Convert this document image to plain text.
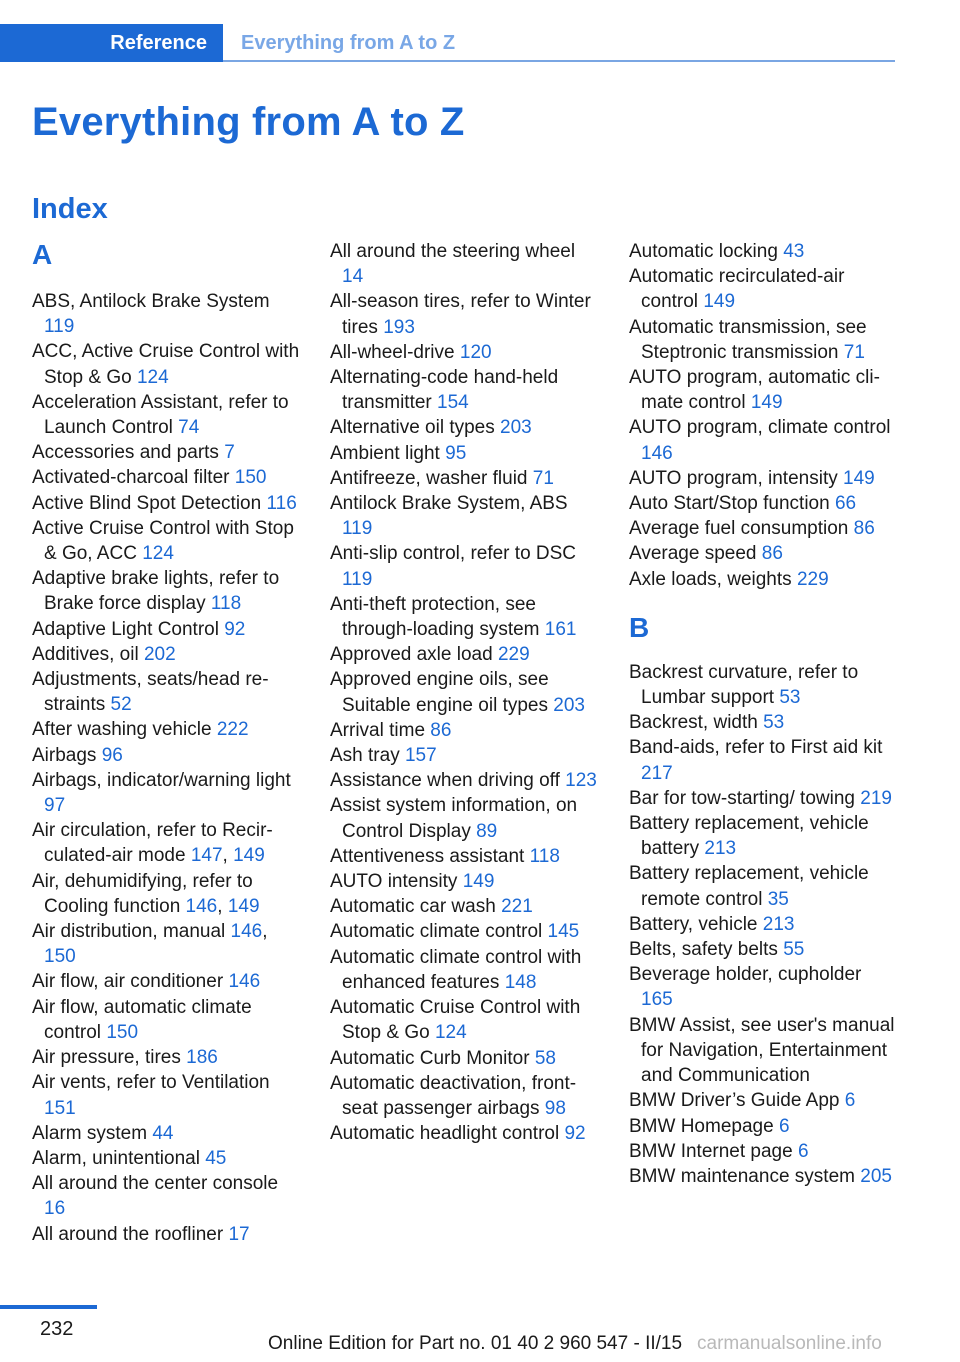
Reference Everything from A to Z
Everything from A to Z
Index
A
ABS, Antilock Brake System 119
ACC, Active Cruise Control with Stop & Go 124
Acceleration Assistant, refer to Launch Control 74
Accessories and parts 7
Activated-charcoal filter 150
Active Blind Spot Detection 116
Active Cruise Control with Stop & Go, ACC 124
Adaptive brake lights, refer to Brake force display 118
Adaptive Light Control 92
Additives, oil 202
Adjustments, seats/head restraints 52
After washing vehicle 222
Airbags 96
Airbags, indicator/warning light 97
Air circulation, refer to Recirculated-air mode 147, 149
Air, dehumidifying, refer to Cooling function 146, 149
Air distribution, manual 146, 150
Air flow, air conditioner 146
Air flow, automatic climate control 150
Air pressure, tires 186
Air vents, refer to Ventilation 151
Alarm system 44
Alarm, unintentional 45
All around the center console 16
All around the roofliner 17
All around the steering wheel 14
All-season tires, refer to Winter tires 193
All-wheel-drive 120
Alternating-code hand-held transmitter 154
Alternative oil types 203
Ambient light 95
Antifreeze, washer fluid 71
Antilock Brake System, ABS 119
Anti-slip control, refer to DSC 119
Anti-theft protection, see through-loading system 161
Approved axle load 229
Approved engine oils, see Suitable engine oil types 203
Arrival time 86
Ash tray 157
Assistance when driving off 123
Assist system information, on Control Display 89
Attentiveness assistant 118
AUTO intensity 149
Automatic car wash 221
Automatic climate control 145
Automatic climate control with enhanced features 148
Automatic Cruise Control with Stop & Go 124
Automatic Curb Monitor 58
Automatic deactivation, front-seat passenger airbags 98
Automatic headlight control 92
Automatic locking 43
Automatic recirculated-air control 149
Automatic transmission, see Steptronic transmission 71
AUTO program, automatic climate control 149
AUTO program, climate control 146
AUTO program, intensity 149
Auto Start/Stop function 66
Average fuel consumption 86
Average speed 86
Axle loads, weights 229
B
Backrest curvature, refer to Lumbar support 53
Backrest, width 53
Band-aids, refer to First aid kit 217
Bar for tow-starting/ towing 219
Battery replacement, vehicle battery 213
Battery replacement, vehicle remote control 35
Battery, vehicle 213
Belts, safety belts 55
Beverage holder, cupholder 165
BMW Assist, see user's manual for Navigation, Entertainment and Communication
BMW Driver’s Guide App 6
BMW Homepage 6
BMW Internet page 6
BMW maintenance system 205
232
Online Edition for Part no. 01 40 2 960 547 - II/15 carmanualsonline.info
